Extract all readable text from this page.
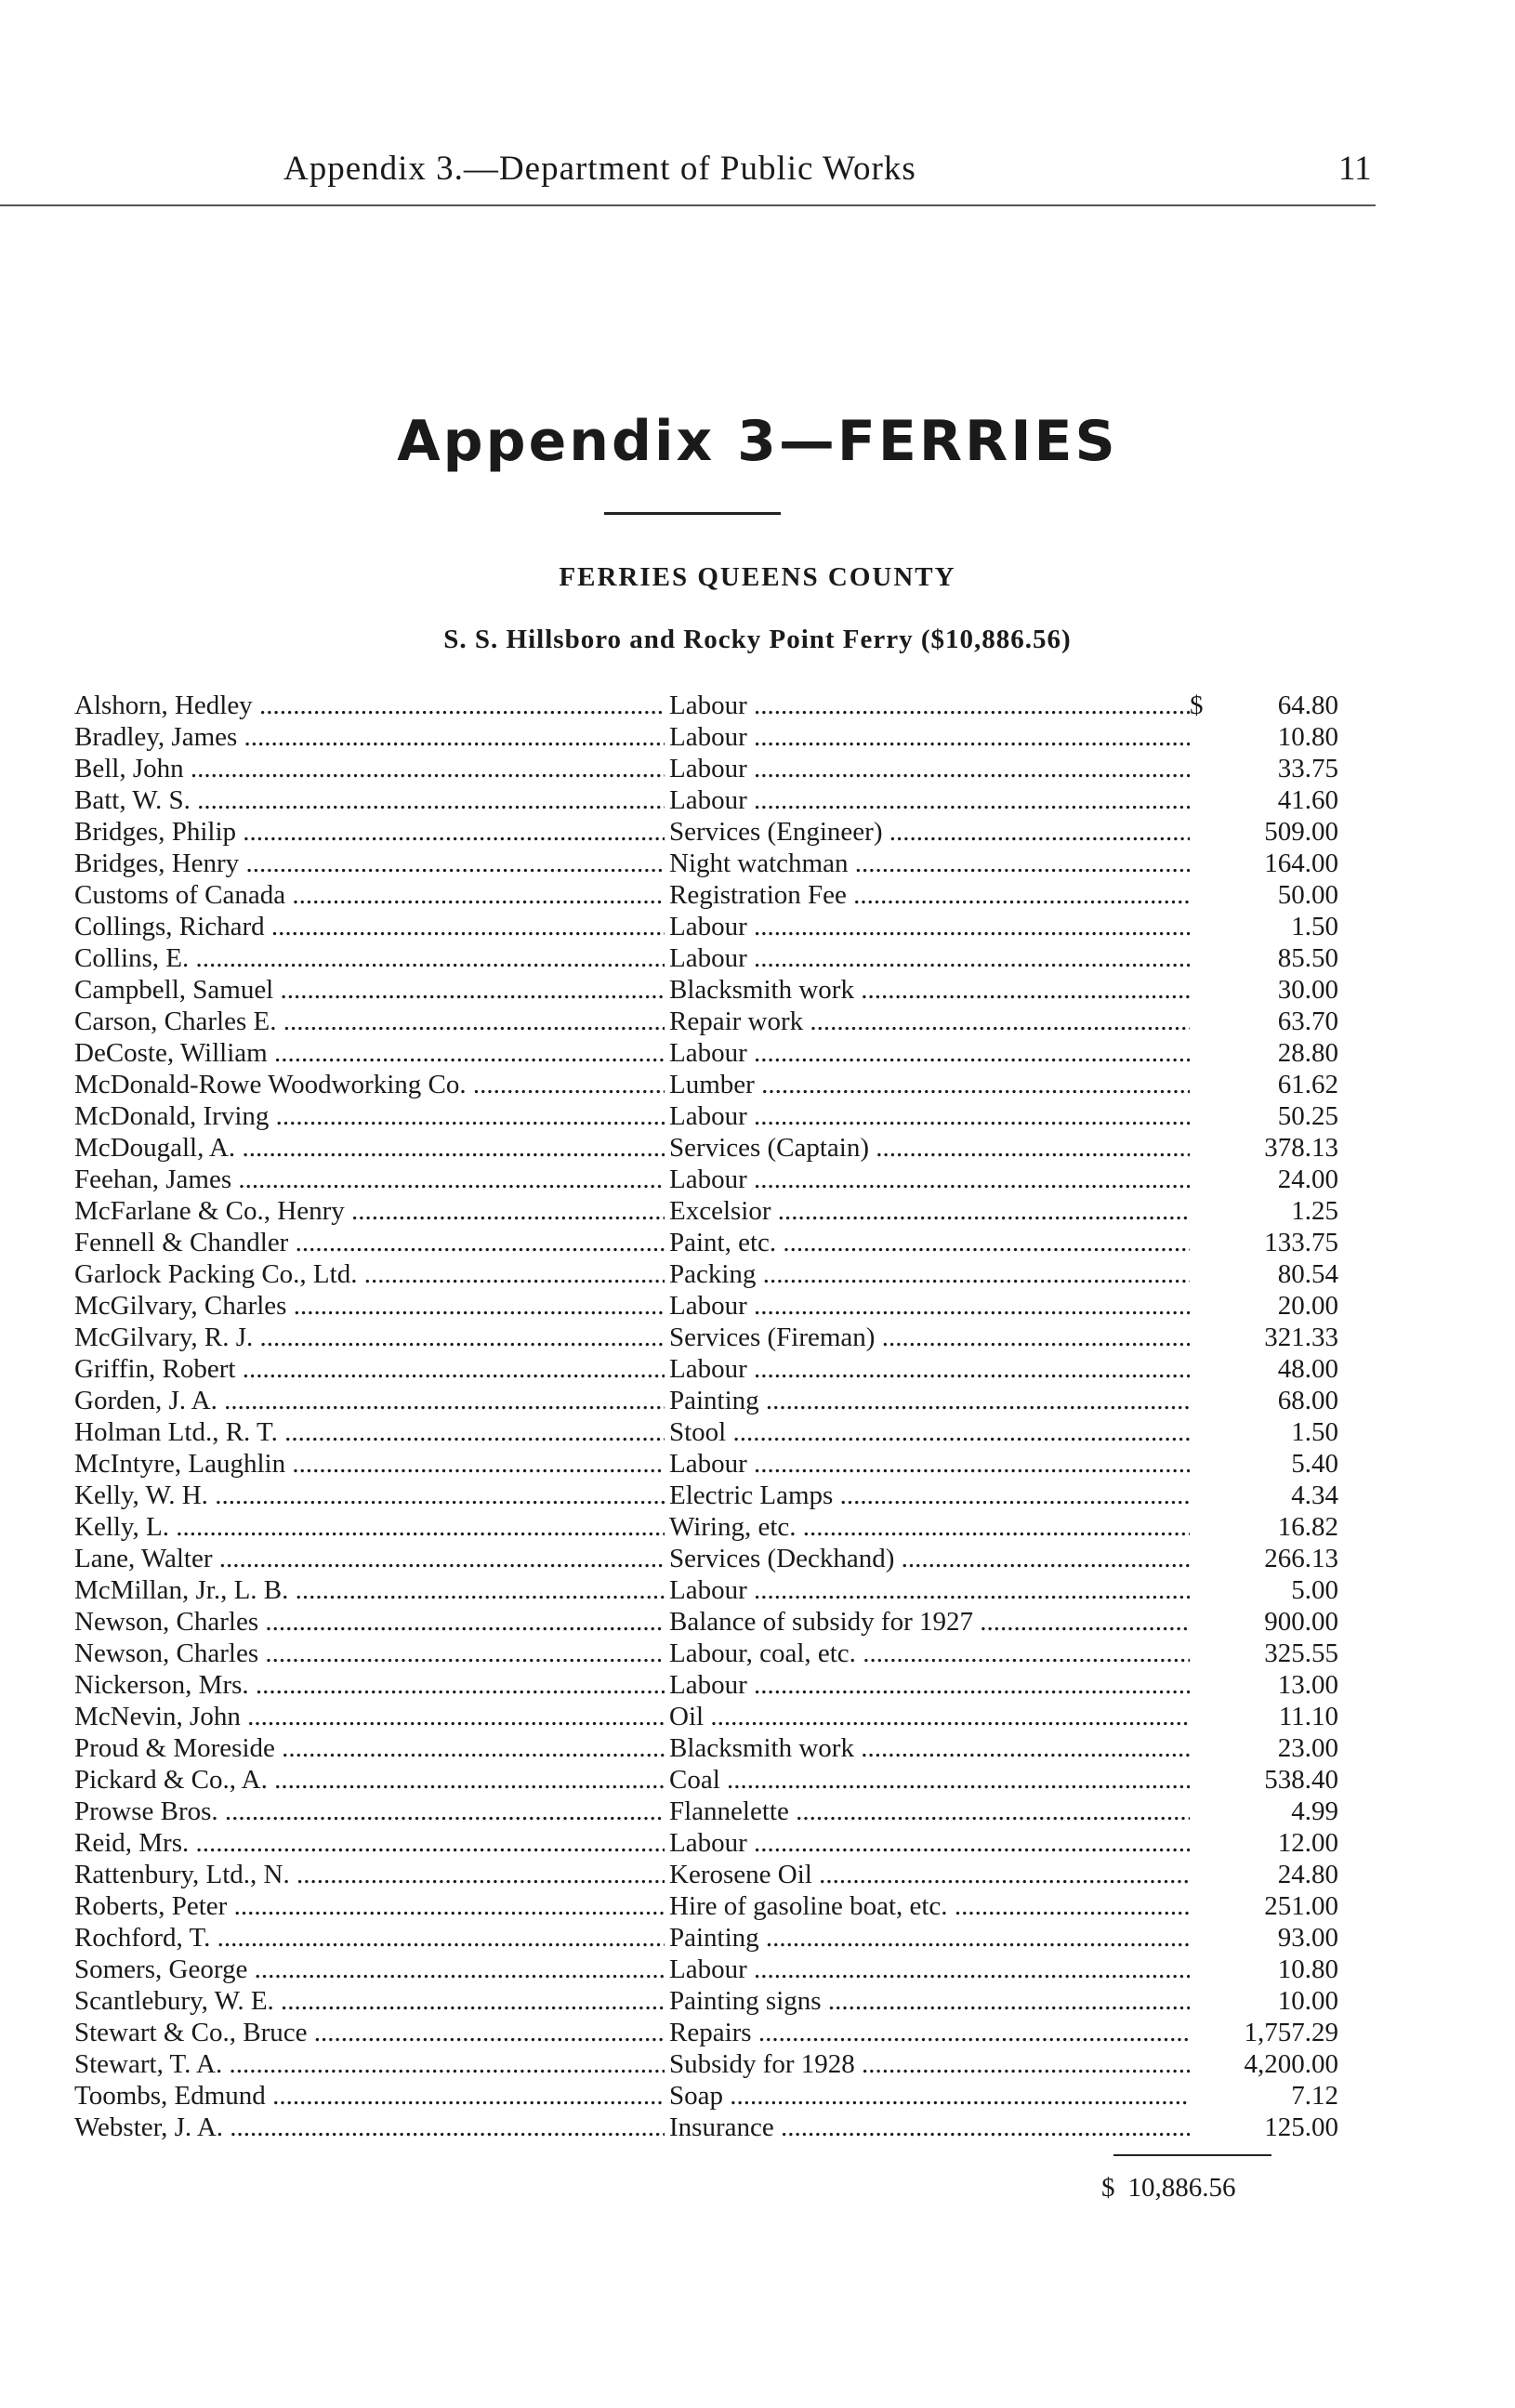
Appendix 3.—Department of Public Works	11
Appendix 3—FERRIES
FERRIES QUEENS COUNTY
S. S. Hillsboro and Rocky Point Ferry ($10,886.56)
Alshorn, Hedley .....	Labour .....	$	64.80
Bradley, James .....	Labour .....	10.80
Bell, John .....	Labour .....	33.75
Batt, W. S. .....	Labour .....	41.60
Bridges, Philip .....	Services (Engineer) .....	509.00
Bridges, Henry .....	Night watchman .....	164.00
Customs of Canada .....	Registration Fee .....	50.00
Collings, Richard .....	Labour .....	1.50
Collins, E. .....	Labour .....	85.50
Campbell, Samuel .....	Blacksmith work .....	30.00
Carson, Charles E. .....	Repair work .....	63.70
DeCoste, William .....	Labour .....	28.80
McDonald-Rowe Woodworking Co. .....	Lumber .....	61.62
McDonald, Irving .....	Labour .....	50.25
McDougall, A. .....	Services (Captain) .....	378.13
Feehan, James .....	Labour .....	24.00
McFarlane & Co., Henry .....	Excelsior .....	1.25
Fennell & Chandler .....	Paint, etc. .....	133.75
Garlock Packing Co., Ltd. .....	Packing .....	80.54
McGilvary, Charles .....	Labour .....	20.00
McGilvary, R. J. .....	Services (Fireman) .....	321.33
Griffin, Robert .....	Labour .....	48.00
Gorden, J. A. .....	Painting .....	68.00
Holman Ltd., R. T. .....	Stool .....	1.50
McIntyre, Laughlin .....	Labour .....	5.40
Kelly, W. H. .....	Electric Lamps .....	4.34
Kelly, L. .....	Wiring, etc. .....	16.82
Lane, Walter .....	Services (Deckhand) .....	266.13
McMillan, Jr., L. B. .....	Labour .....	5.00
Newson, Charles .....	Balance of subsidy for 1927 .....	900.00
Newson, Charles .....	Labour, coal, etc. .....	325.55
Nickerson, Mrs. .....	Labour .....	13.00
McNevin, John .....	Oil .....	11.10
Proud & Moreside .....	Blacksmith work .....	23.00
Pickard & Co., A. .....	Coal .....	538.40
Prowse Bros. .....	Flannelette .....	4.99
Reid, Mrs. .....	Labour .....	12.00
Rattenbury, Ltd., N. .....	Kerosene Oil .....	24.80
Roberts, Peter .....	Hire of gasoline boat, etc. .....	251.00
Rochford, T. .....	Painting .....	93.00
Somers, George .....	Labour .....	10.80
Scantlebury, W. E. .....	Painting signs .....	10.00
Stewart & Co., Bruce .....	Repairs .....	1,757.29
Stewart, T. A. .....	Subsidy for 1928 .....	4,200.00
Toombs, Edmund .....	Soap .....	7.12
Webster, J. A. .....	Insurance .....	125.00
$ 10,886.56
